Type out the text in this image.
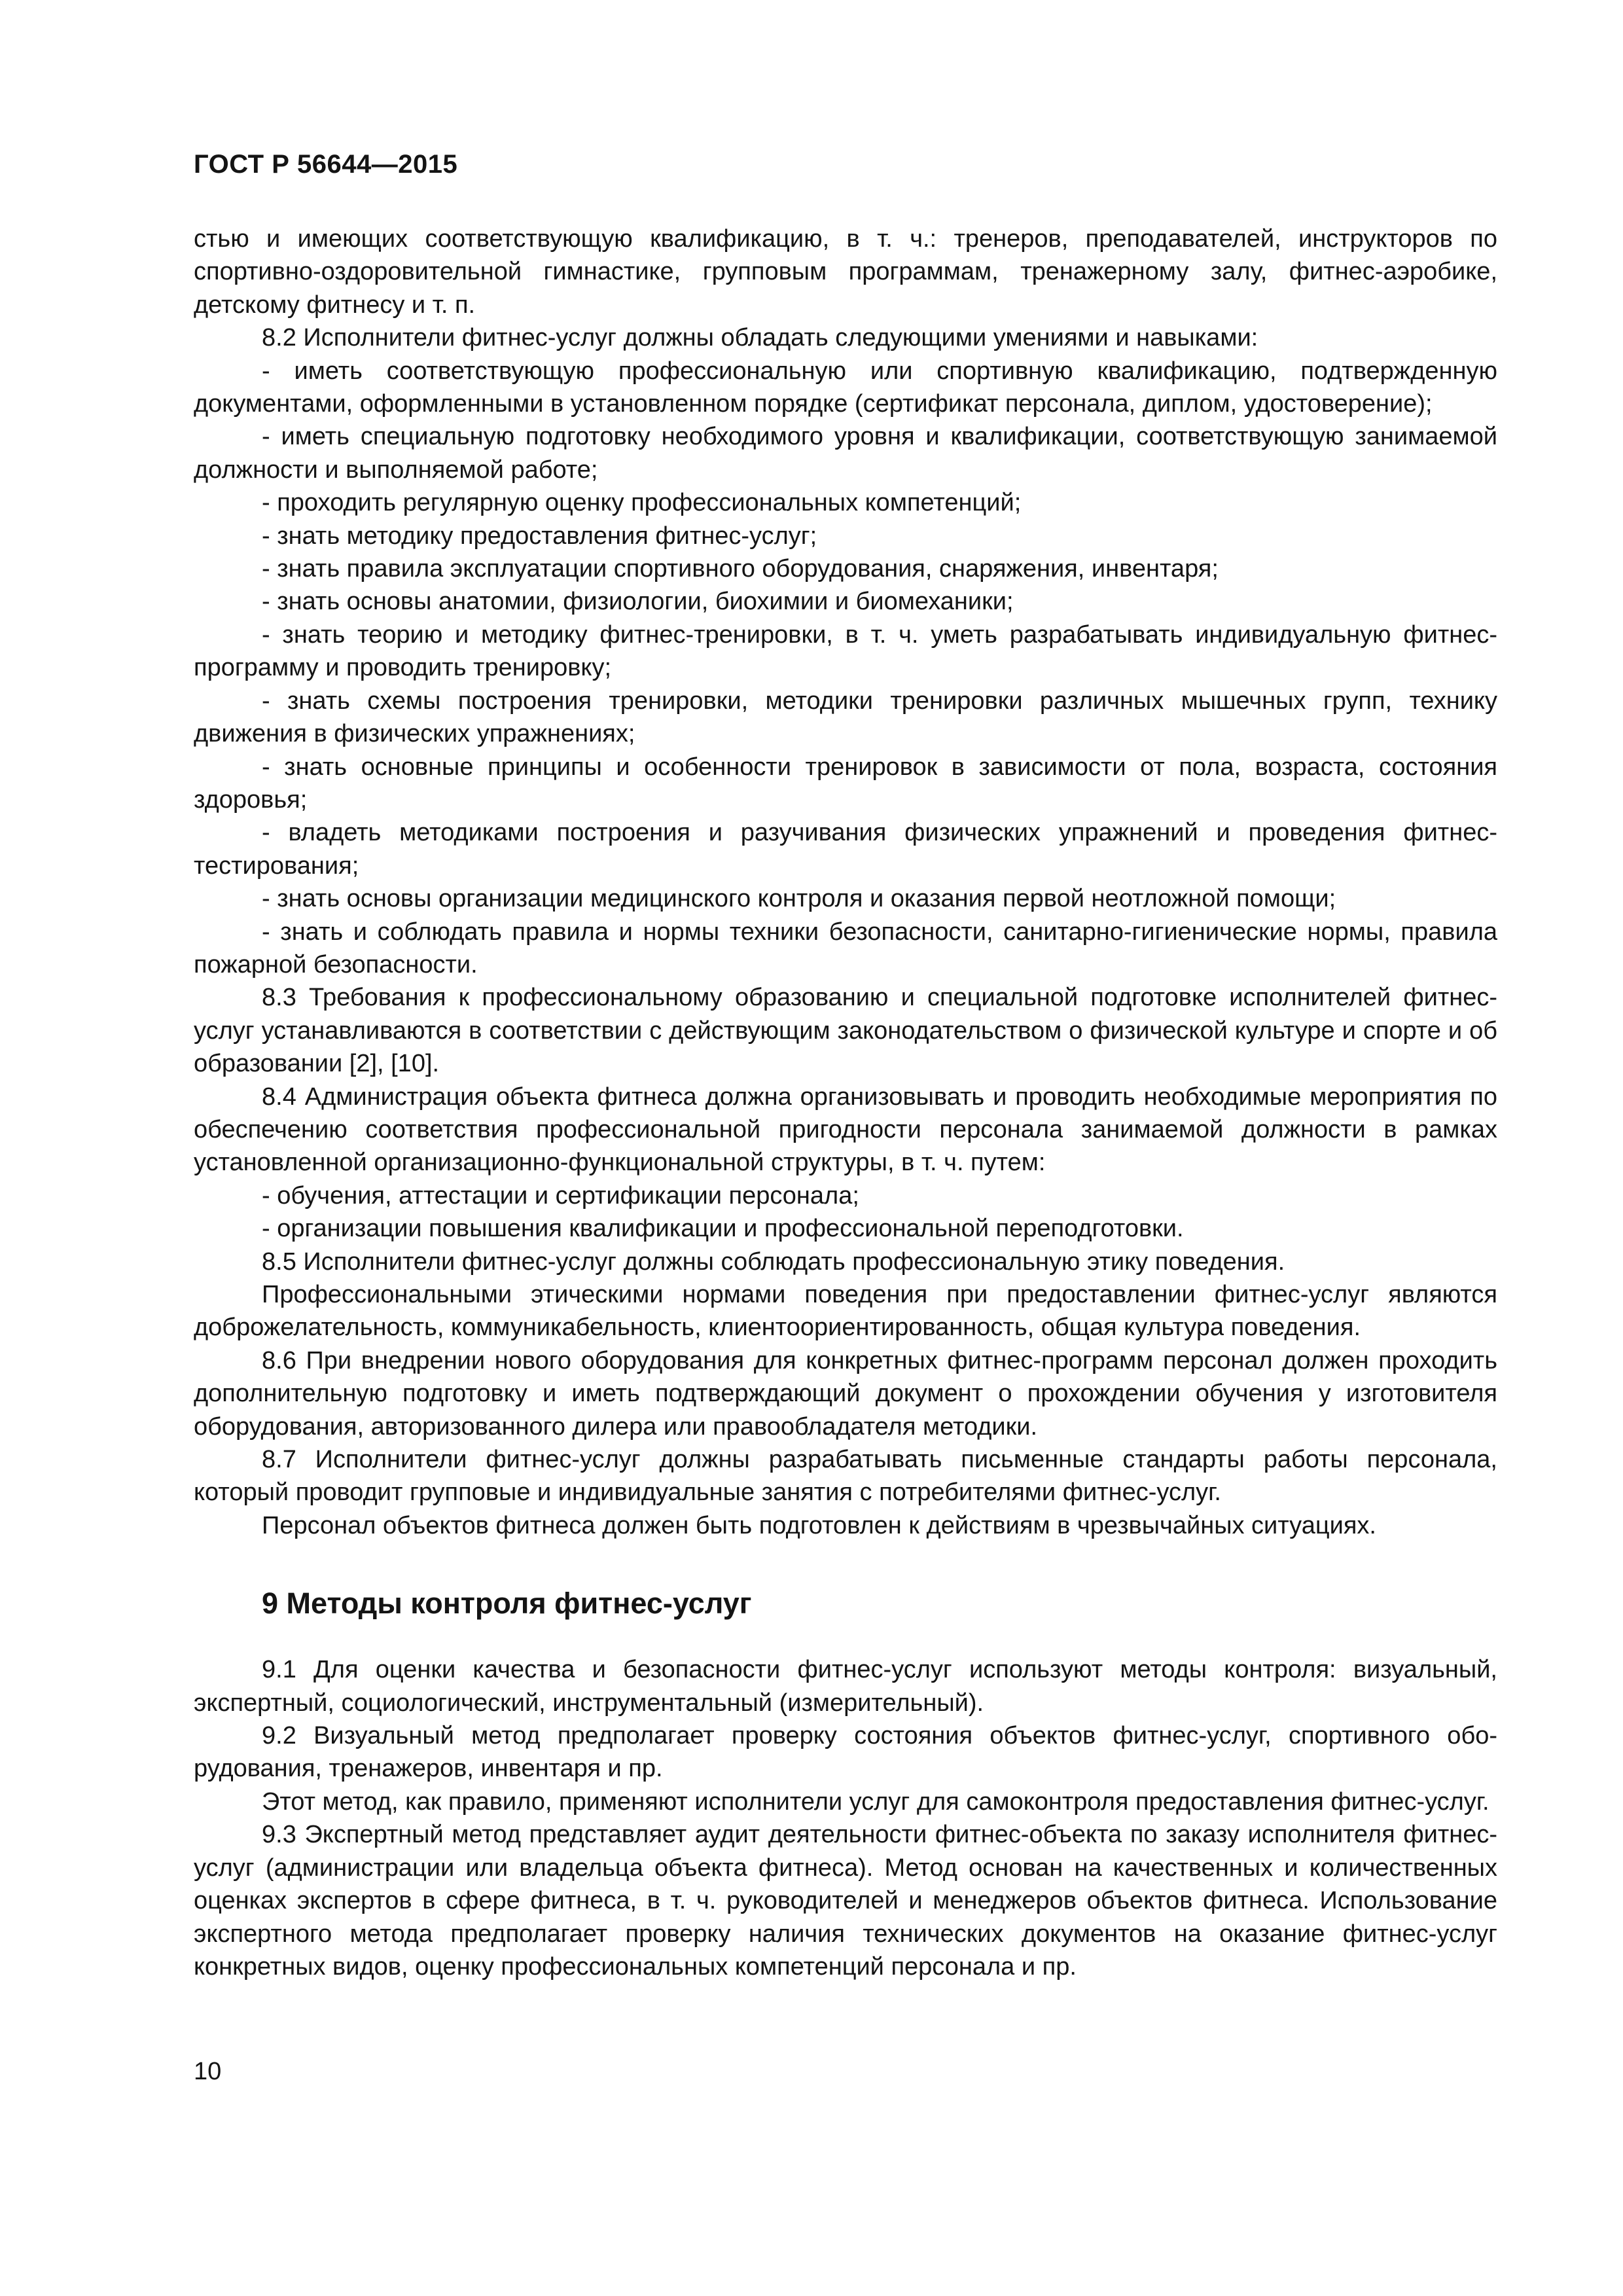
ГОСТ Р 56644—2015

стью и имеющих соответствующую квалификацию, в т. ч.: тренеров, преподавателей, инструкторов по спортивно-оздоровительной гимнастике, групповым программам, тренажерному залу, фитнес-аэробике, детскому фитнесу и т. п.

8.2 Исполнители фитнес-услуг должны обладать следующими умениями и навыками:

- иметь соответствующую профессиональную или спортивную квалификацию, подтвержденную документами, оформленными в установленном порядке (сертификат персонала, диплом, удостоверение);

- иметь специальную подготовку необходимого уровня и квалификации, соответствующую занимаемой должности и выполняемой работе;

- проходить регулярную оценку профессиональных компетенций;

- знать методику предоставления фитнес-услуг;

- знать правила эксплуатации спортивного оборудования, снаряжения, инвентаря;

- знать основы анатомии, физиологии, биохимии и биомеханики;

- знать теорию и методику фитнес-тренировки, в т. ч. уметь разрабатывать индивидуальную фитнес-программу и проводить тренировку;

- знать схемы построения тренировки, методики тренировки различных мышечных групп, технику движения в физических упражнениях;

- знать основные принципы и особенности тренировок в зависимости от пола, возраста, состояния здоровья;

- владеть методиками построения и разучивания физических упражнений и проведения фитнестестирования;

- знать основы организации медицинского контроля и оказания первой неотложной помощи;

- знать и соблюдать правила и нормы техники безопасности, санитарно-гигиенические нормы, правила пожарной безопасности.

8.3 Требования к профессиональному образованию и специальной подготовке исполнителей фитнес-услуг устанавливаются в соответствии с действующим законодательством о физической культуре и спорте и об образовании [2], [10].

8.4 Администрация объекта фитнеса должна организовывать и проводить необходимые мероприятия по обеспечению соответствия профессиональной пригодности персонала занимаемой должности в рамках установленной организационно-функциональной структуры, в т. ч. путем:

- обучения, аттестации и сертификации персонала;

- организации повышения квалификации и профессиональной переподготовки.

8.5 Исполнители фитнес-услуг должны соблюдать профессиональную этику поведения.

Профессиональными этическими нормами поведения при предоставлении фитнес-услуг являются доброжелательность, коммуникабельность, клиентоориентированность, общая культура поведения.

8.6 При внедрении нового оборудования для конкретных фитнес-программ персонал должен проходить дополнительную подготовку и иметь подтверждающий документ о прохождении обучения у изготовителя оборудования, авторизованного дилера или правообладателя методики.

8.7 Исполнители фитнес-услуг должны разрабатывать письменные стандарты работы персонала, который проводит групповые и индивидуальные занятия с потребителями фитнес-услуг.

Персонал объектов фитнеса должен быть подготовлен к действиям в чрезвычайных ситуациях.

9 Методы контроля фитнес-услуг

9.1 Для оценки качества и безопасности фитнес-услуг используют методы контроля: визуальный, экспертный, социологический, инструментальный (измерительный).

9.2 Визуальный метод предполагает проверку состояния объектов фитнес-услуг, спортивного оборудования, тренажеров, инвентаря и пр.

Этот метод, как правило, применяют исполнители услуг для самоконтроля предоставления фитнес-услуг.

9.3 Экспертный метод представляет аудит деятельности фитнес-объекта по заказу исполнителя фитнес-услуг (администрации или владельца объекта фитнеса). Метод основан на качественных и количественных оценках экспертов в сфере фитнеса, в т. ч. руководителей и менеджеров объектов фитнеса. Использование экспертного метода предполагает проверку наличия технических документов на оказание фитнес-услуг конкретных видов, оценку профессиональных компетенций персонала и пр.

10
